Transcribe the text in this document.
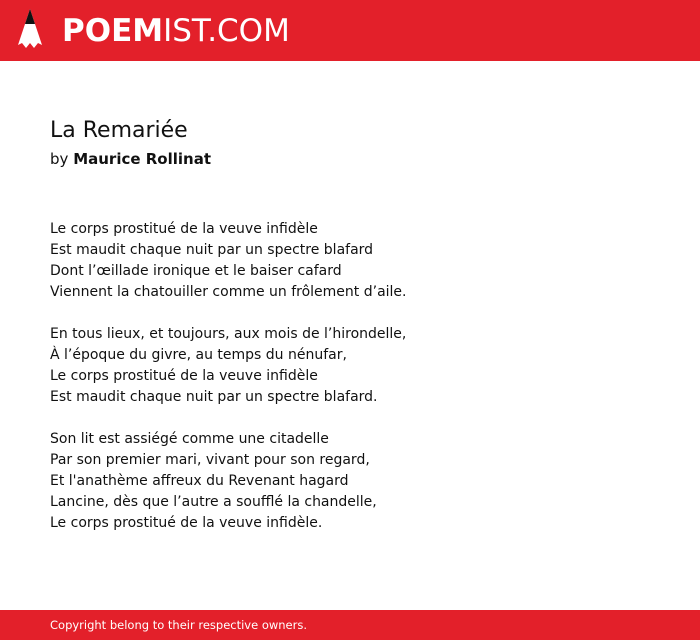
POEMIST.COM
La Remariée
by Maurice Rollinat
Le corps prostitué de la veuve infidèle
Est maudit chaque nuit par un spectre blafard
Dont l’œillade ironique et le baiser cafard
Viennent la chatouiller comme un frôlement d’aile.
En tous lieux, et toujours, aux mois de l’hirondelle,
À l’époque du givre, au temps du nénufar,
Le corps prostitué de la veuve infidèle
Est maudit chaque nuit par un spectre blafard.
Son lit est assiégé comme une citadelle
Par son premier mari, vivant pour son regard,
Et l'anathème affreux du Revenant hagard
Lancine, dès que l’autre a soufflé la chandelle,
Le corps prostitué de la veuve infidèle.
Copyright belong to their respective owners.
